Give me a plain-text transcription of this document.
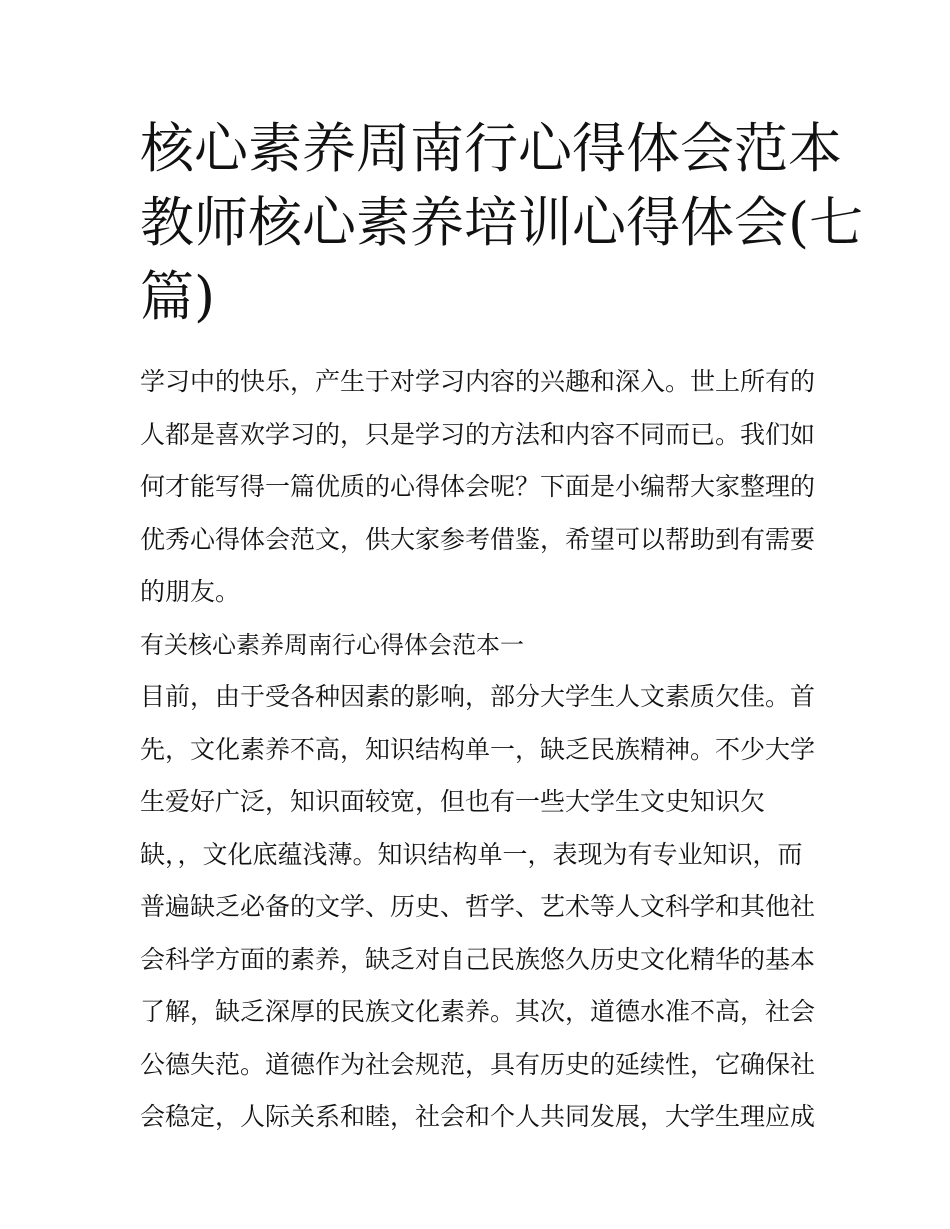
核心素养周南行心得体会范本
教师核心素养培训心得体会(七
篇)
学习中的快乐，产生于对学习内容的兴趣和深入。世上所有的
人都是喜欢学习的，只是学习的方法和内容不同而已。我们如
何才能写得一篇优质的心得体会呢？下面是小编帮大家整理的
优秀心得体会范文，供大家参考借鉴，希望可以帮助到有需要
的朋友。
有关核心素养周南行心得体会范本一
目前，由于受各种因素的影响，部分大学生人文素质欠佳。首
先，文化素养不高，知识结构单一，缺乏民族精神。不少大学
生爱好广泛，知识面较宽，但也有一些大学生文史知识欠
缺，，文化底蕴浅薄。知识结构单一，表现为有专业知识，而
普遍缺乏必备的文学、历史、哲学、艺术等人文科学和其他社
会科学方面的素养，缺乏对自己民族悠久历史文化精华的基本
了解，缺乏深厚的民族文化素养。其次，道德水准不高，社会
公德失范。道德作为社会规范，具有历史的延续性，它确保社
会稳定，人际关系和睦，社会和个人共同发展，大学生理应成
